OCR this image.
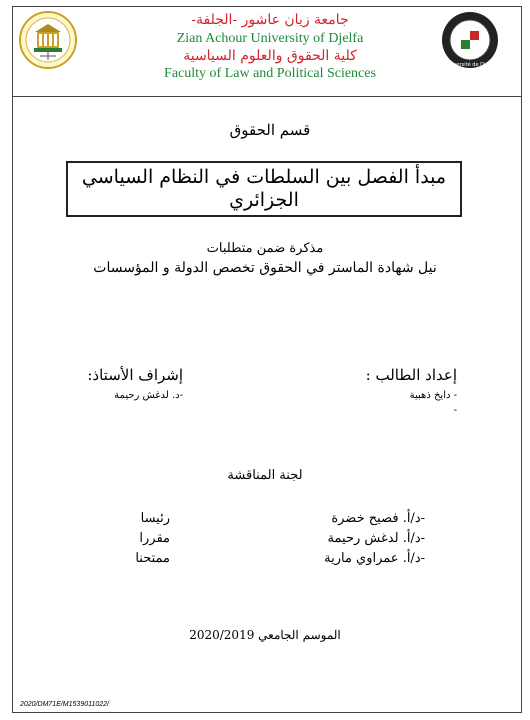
جامعة زيان عاشور -الجلفة-
Zian Achour University of Djelfa
كلية الحقوق والعلوم السياسية
Faculty of Law and Political Sciences
Université de Djelfa
قسم الحقوق
مبدأ الفصل بين السلطات في النظام السياسي الجزائري
مذكرة ضمن متطلبات
نيل شهادة الماستر في الحقوق تخصص الدولة و المؤسسات
إعداد الطالب :
- دايخ ذهبية
-
إشراف الأستاذ:
-د. لدغش رحيمة
لجنة المناقشة
-د/أ. فصيح خضرة
رئيسا
-د/أ. لدغش رحيمة
مقررا
-د/أ. عمراوي مارية
ممتحنا
الموسم الجامعي 2020/2019
2020/DM71E/M1539011022/
